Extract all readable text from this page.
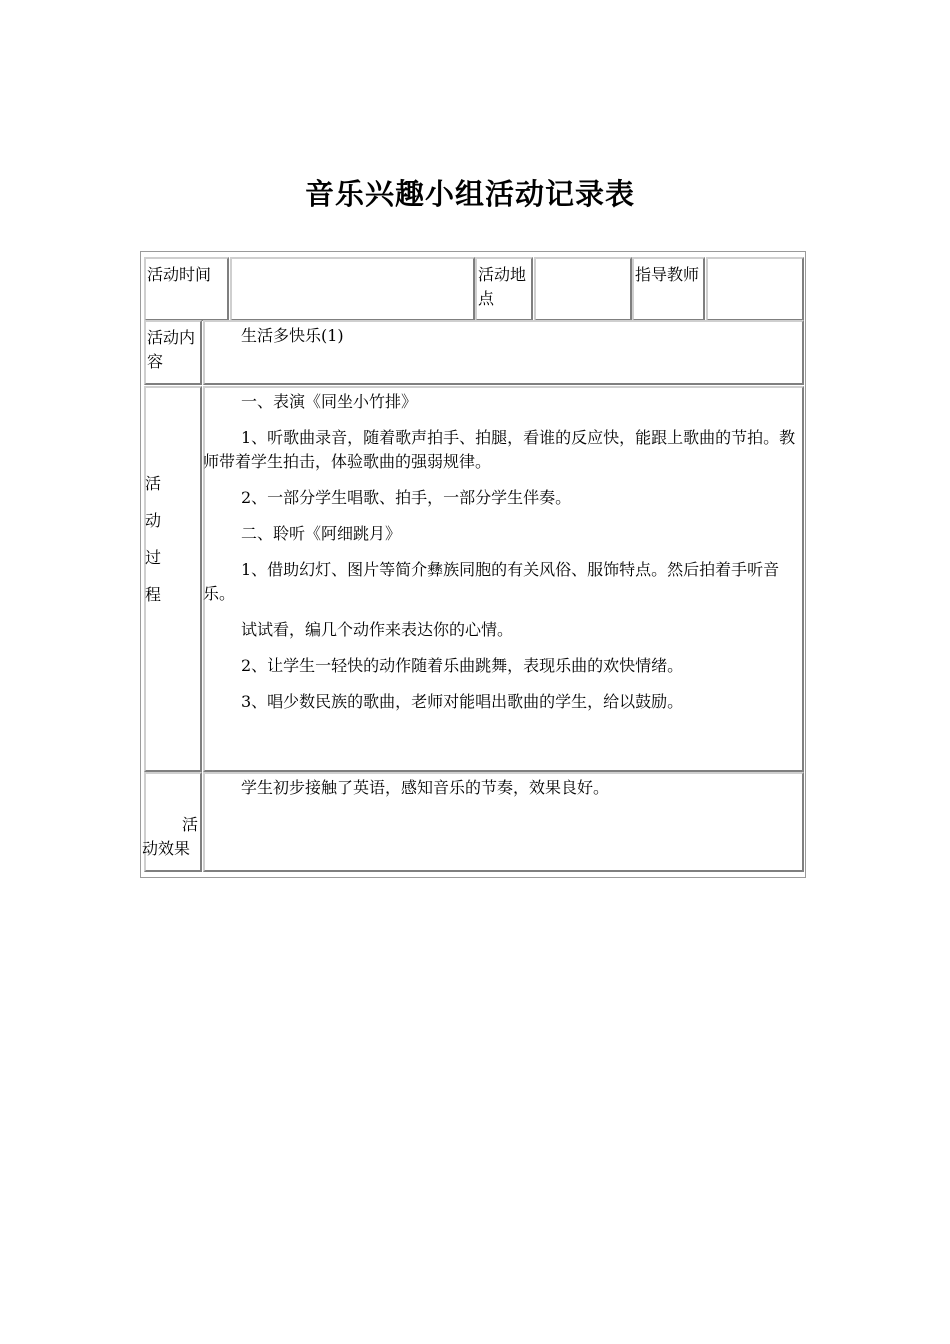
音乐兴趣小组活动记录表
活动时间	活动地点
指导教师
活动内容

生活多快乐(1)

活
动
过
程

一、表演《同坐小竹排》

1、听歌曲录音，随着歌声拍手、拍腿，看谁的反应快，能跟上歌曲的节拍。教师带着学生拍击，体验歌曲的强弱规律。

2、一部分学生唱歌、拍手，一部分学生伴奏。

二、聆听《阿细跳月》

1、借助幻灯、图片等简介彝族同胞的有关风俗、服饰特点。然后拍着手听音乐。

试试看，编几个动作来表达你的心情。

2、让学生一轻快的动作随着乐曲跳舞，表现乐曲的欢快情绪。

3、唱少数民族的歌曲，老师对能唱出歌曲的学生，给以鼓励。

活
动效果

学生初步接触了英语，感知音乐的节奏，效果良好。
